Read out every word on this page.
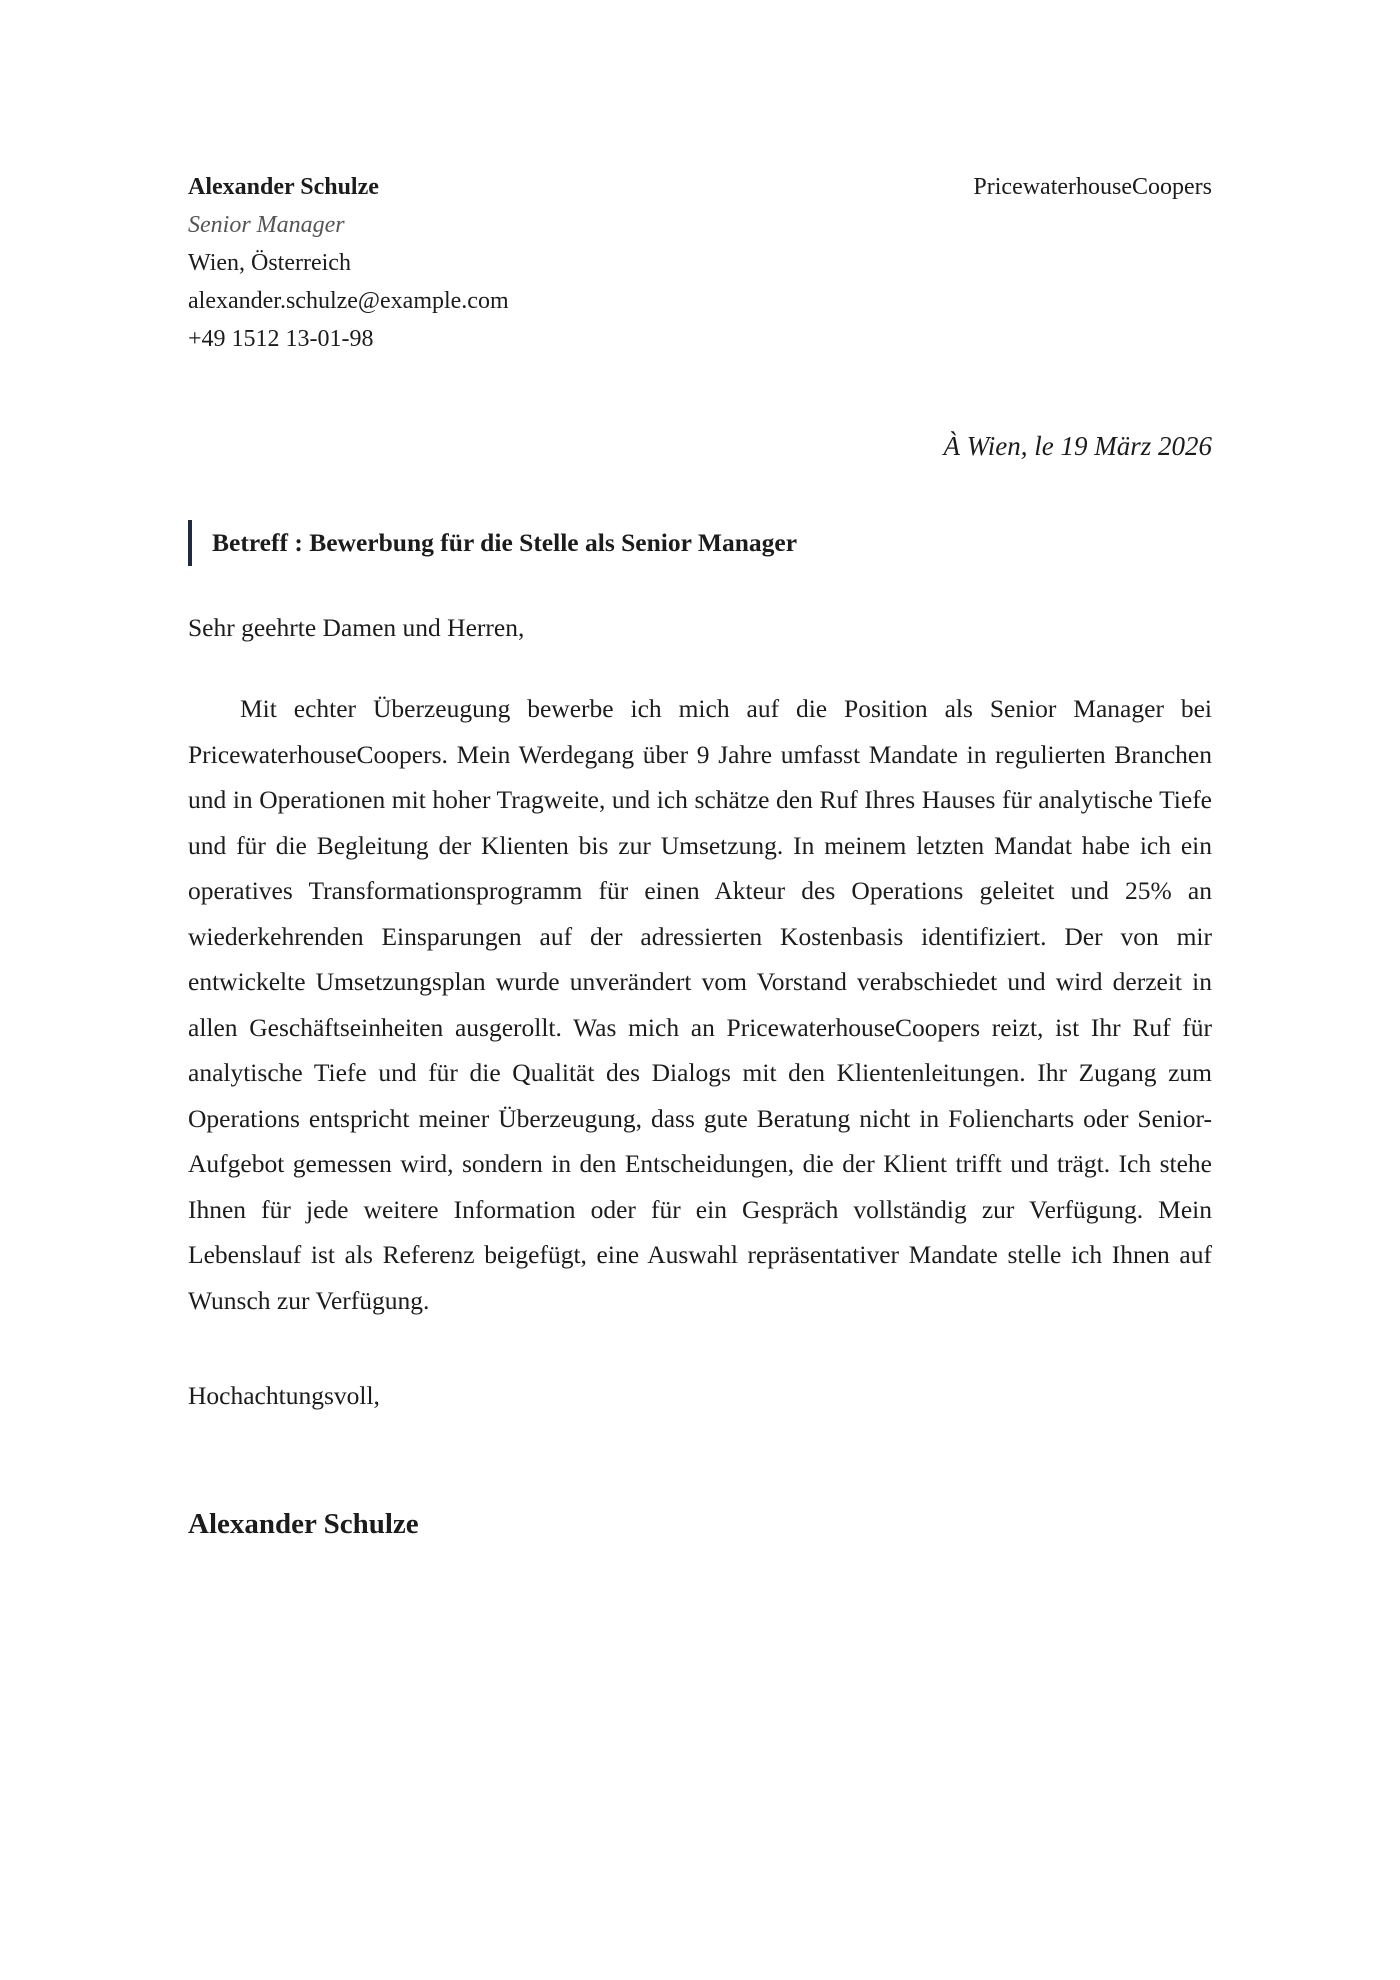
Alexander Schulze
Senior Manager
Wien, Österreich
alexander.schulze@example.com
+49 1512 13-01-98
PricewaterhouseCoopers
À Wien, le 19 März 2026
Betreff : Bewerbung für die Stelle als Senior Manager
Sehr geehrte Damen und Herren,

Mit echter Überzeugung bewerbe ich mich auf die Position als Senior Manager bei PricewaterhouseCoopers. Mein Werdegang über 9 Jahre umfasst Mandate in regulierten Branchen und in Operationen mit hoher Tragweite, und ich schätze den Ruf Ihres Hauses für analytische Tiefe und für die Begleitung der Klienten bis zur Umsetzung. In meinem letzten Mandat habe ich ein operatives Transformationsprogramm für einen Akteur des Operations geleitet und 25% an wiederkehrenden Einsparungen auf der adressierten Kostenbasis identifiziert. Der von mir entwickelte Umsetzungsplan wurde unverändert vom Vorstand verabschiedet und wird derzeit in allen Geschäftseinheiten ausgerollt. Was mich an PricewaterhouseCoopers reizt, ist Ihr Ruf für analytische Tiefe und für die Qualität des Dialogs mit den Klientenleitungen. Ihr Zugang zum Operations entspricht meiner Überzeugung, dass gute Beratung nicht in Foliencharts oder Senior-Aufgebot gemessen wird, sondern in den Entscheidungen, die der Klient trifft und trägt. Ich stehe Ihnen für jede weitere Information oder für ein Gespräch vollständig zur Verfügung. Mein Lebenslauf ist als Referenz beigefügt, eine Auswahl repräsentativer Mandate stelle ich Ihnen auf Wunsch zur Verfügung.

Hochachtungsvoll,
Alexander Schulze
